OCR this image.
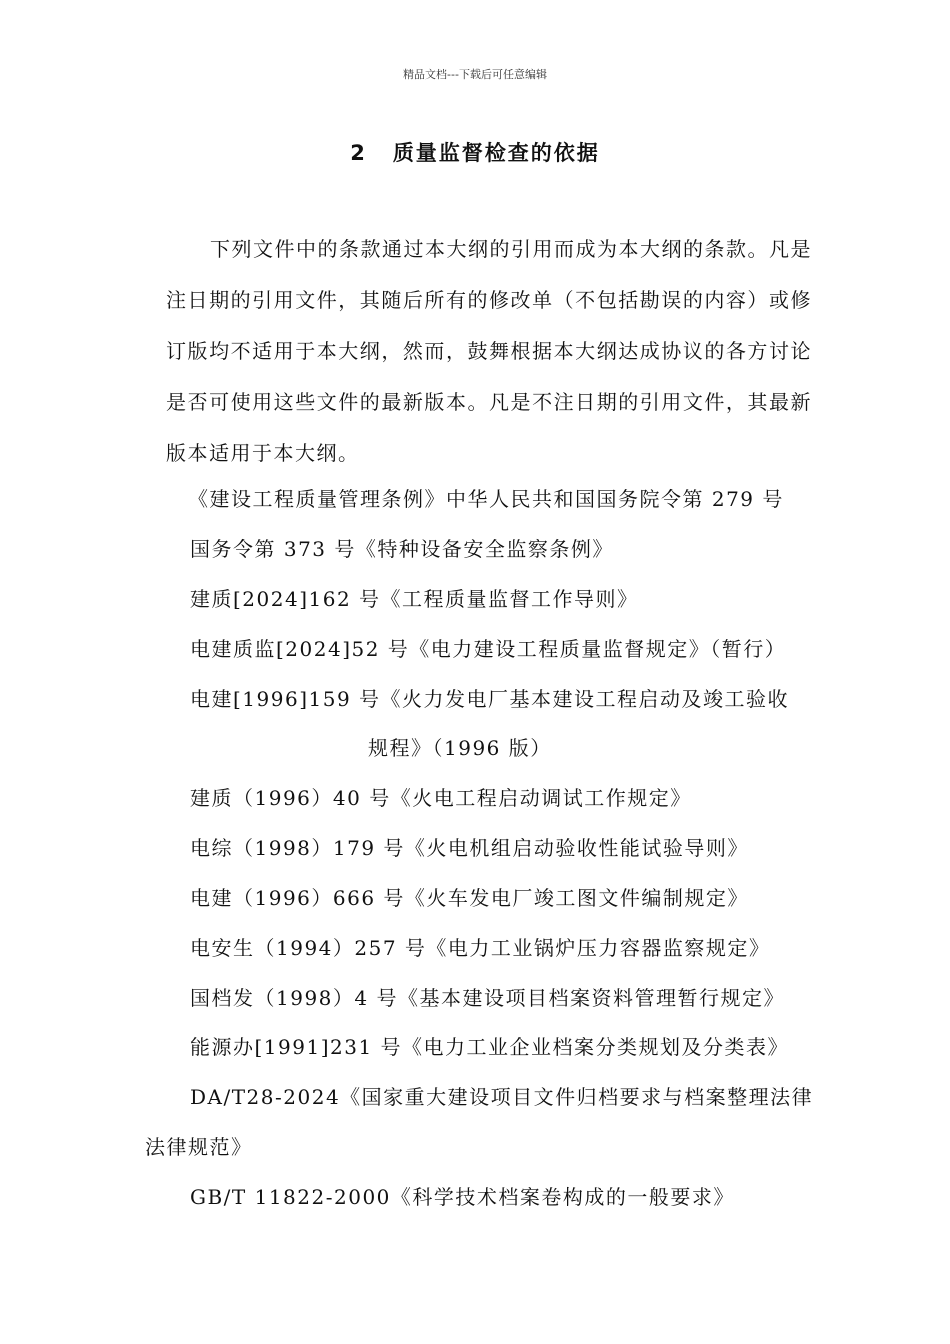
精品文档---下载后可任意编辑
2 质量监督检查的依据
下列文件中的条款通过本大纲的引用而成为本大纲的条款。凡是注日期的引用文件，其随后所有的修改单（不包括勘误的内容）或修订版均不适用于本大纲，然而，鼓舞根据本大纲达成协议的各方讨论是否可使用这些文件的最新版本。凡是不注日期的引用文件，其最新版本适用于本大纲。
《建设工程质量管理条例》中华人民共和国国务院令第 279 号
国务令第 373 号《特种设备安全监察条例》
建质[2024]162 号《工程质量监督工作导则》
电建质监[2024]52 号《电力建设工程质量监督规定》（暂行）
电建[1996]159 号《火力发电厂基本建设工程启动及竣工验收
规程》（1996 版）
建质（1996）40 号《火电工程启动调试工作规定》
电综（1998）179 号《火电机组启动验收性能试验导则》
电建（1996）666 号《火车发电厂竣工图文件编制规定》
电安生（1994）257 号《电力工业锅炉压力容器监察规定》
国档发（1998）4 号《基本建设项目档案资料管理暂行规定》
能源办[1991]231 号《电力工业企业档案分类规划及分类表》
DA/T28-2024《国家重大建设项目文件归档要求与档案整理法律
法律规范》
GB/T 11822-2000《科学技术档案卷构成的一般要求》
